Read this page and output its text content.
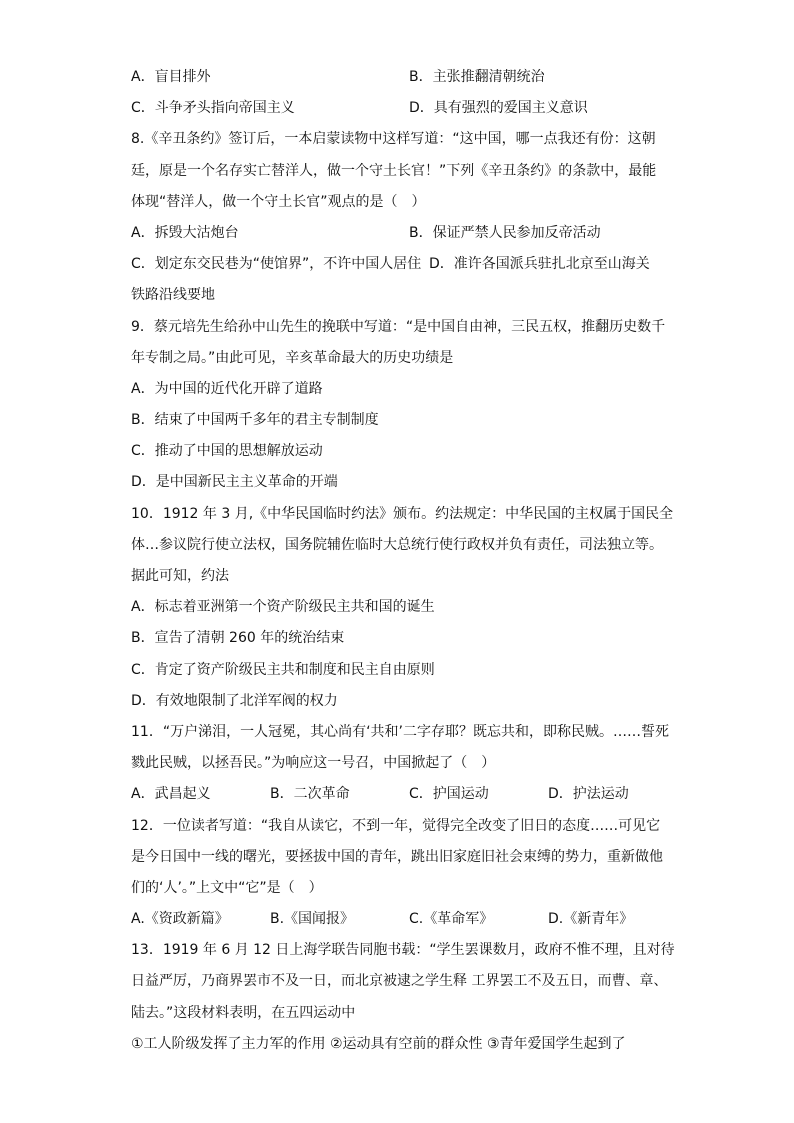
A．盲目排外	B．主张推翻清朝统治
C．斗争矛头指向帝国主义	D．具有强烈的爱国主义意识
8.《辛丑条约》签订后，一本启蒙读物中这样写道：“这中国，哪一点我还有份：这朝
廷，原是一个名存实亡替洋人，做一个守土长官！”下列《辛丑条约》的条款中，最能
体现“替洋人，做一个守土长官”观点的是（　）
A．拆毁大沽炮台	B．保证严禁人民参加反帝活动
C．划定东交民巷为“使馆界”，不许中国人居住 D．准许各国派兵驻扎北京至山海关
铁路沿线要地
9．蔡元培先生给孙中山先生的挽联中写道：“是中国自由神，三民五权，推翻历史数千
年专制之局。”由此可见，辛亥革命最大的历史功绩是
A．为中国的近代化开辟了道路
B．结束了中国两千多年的君主专制制度
C．推动了中国的思想解放运动
D．是中国新民主主义革命的开端
10．1912 年 3 月,《中华民国临时约法》颁布。约法规定：中华民国的主权属于国民全
体…参议院行使立法权，国务院辅佐临时大总统行使行政权并负有责任，司法独立等。
据此可知，约法
A．标志着亚洲第一个资产阶级民主共和国的诞生
B．宣告了清朝 260 年的统治结束
C．肯定了资产阶级民主共和制度和民主自由原则
D．有效地限制了北洋军阀的权力
11．“万户涕泪，一人冠冕，其心尚有‘共和’二字存耶？既忘共和，即称民贼。……誓死
戮此民贼，以拯吾民。”为响应这一号召，中国掀起了（　）
A．武昌起义	B．二次革命	C．护国运动	D．护法运动
12．一位读者写道：“我自从读它，不到一年，觉得完全改变了旧日的态度……可见它
是今日国中一线的曙光，要拯拔中国的青年，跳出旧家庭旧社会束缚的势力，重新做他
们的‘人’。”上文中“它”是（　）
A.《资政新篇》	B.《国闻报》	C.《革命军》	D.《新青年》
13．1919 年 6 月 12 日上海学联告同胞书载：“学生罢课数月，政府不惟不理，且对待
日益严厉，乃商界罢市不及一日，而北京被逮之学生释 工界罢工不及五日，而曹、章、
陆去。”这段材料表明，在五四运动中
①工人阶级发挥了主力军的作用 ②运动具有空前的群众性 ③青年爱国学生起到了
